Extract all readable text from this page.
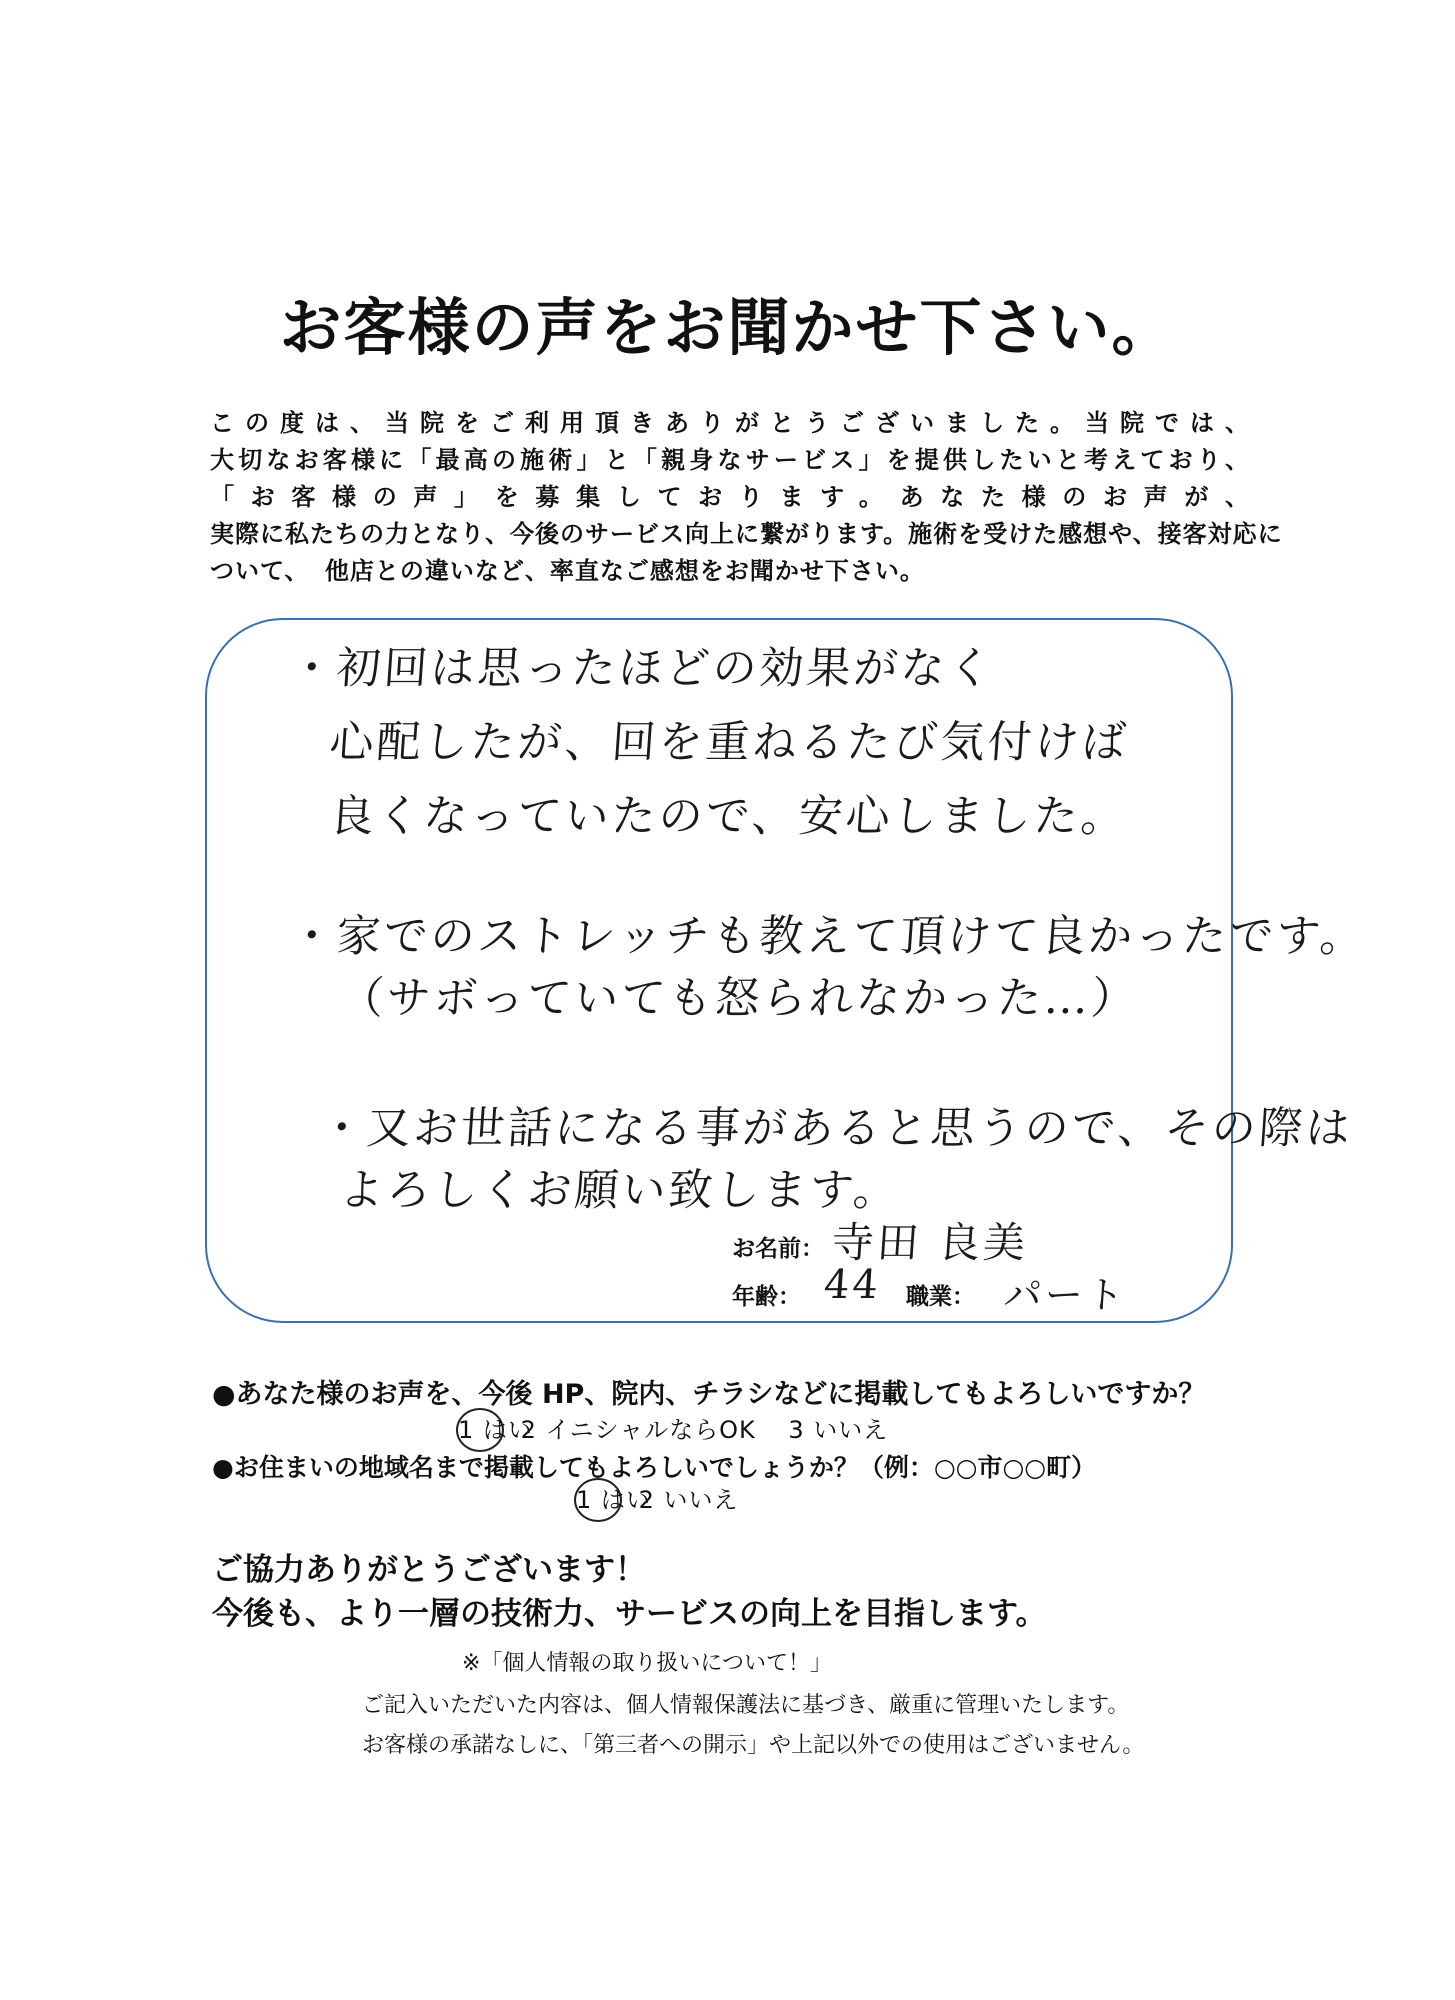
お客様の声をお聞かせ下さい。
この度は、当院をご利用頂きありがとうございました。当院では、
大切なお客様に「最高の施術」と「親身なサービス」を提供したいと考えており、
「お客様の声」を募集しております。あなた様のお声が、
実際に私たちの力となり、今後のサービス向上に繋がります。施術を受けた感想や、接客対応に
ついて、 他店との違いなど、率直なご感想をお聞かせ下さい。
・初回は思ったほどの効果がなく
心配したが、回を重ねるたび気付けば
良くなっていたので、安心しました。
・家でのストレッチも教えて頂けて良かったです。
（サボっていても怒られなかった…）
・又お世話になる事があると思うので、その際は
よろしくお願い致します。
お名前： 寺田 良美
年齢： 44 職業： パート
●あなた様のお声を、今後 HP、院内、チラシなどに掲載してもよろしいですか？
1 はい 2 イニシャルならOK 3 いいえ
●お住まいの地域名まで掲載してもよろしいでしょうか？（例：○○市○○町）
1 はい 2 いいえ
ご協力ありがとうございます！
今後も、より一層の技術力、サービスの向上を目指します。
※「個人情報の取り扱いについて！」
ご記入いただいた内容は、個人情報保護法に基づき、厳重に管理いたします。
お客様の承諾なしに、「第三者への開示」や上記以外での使用はございません。
